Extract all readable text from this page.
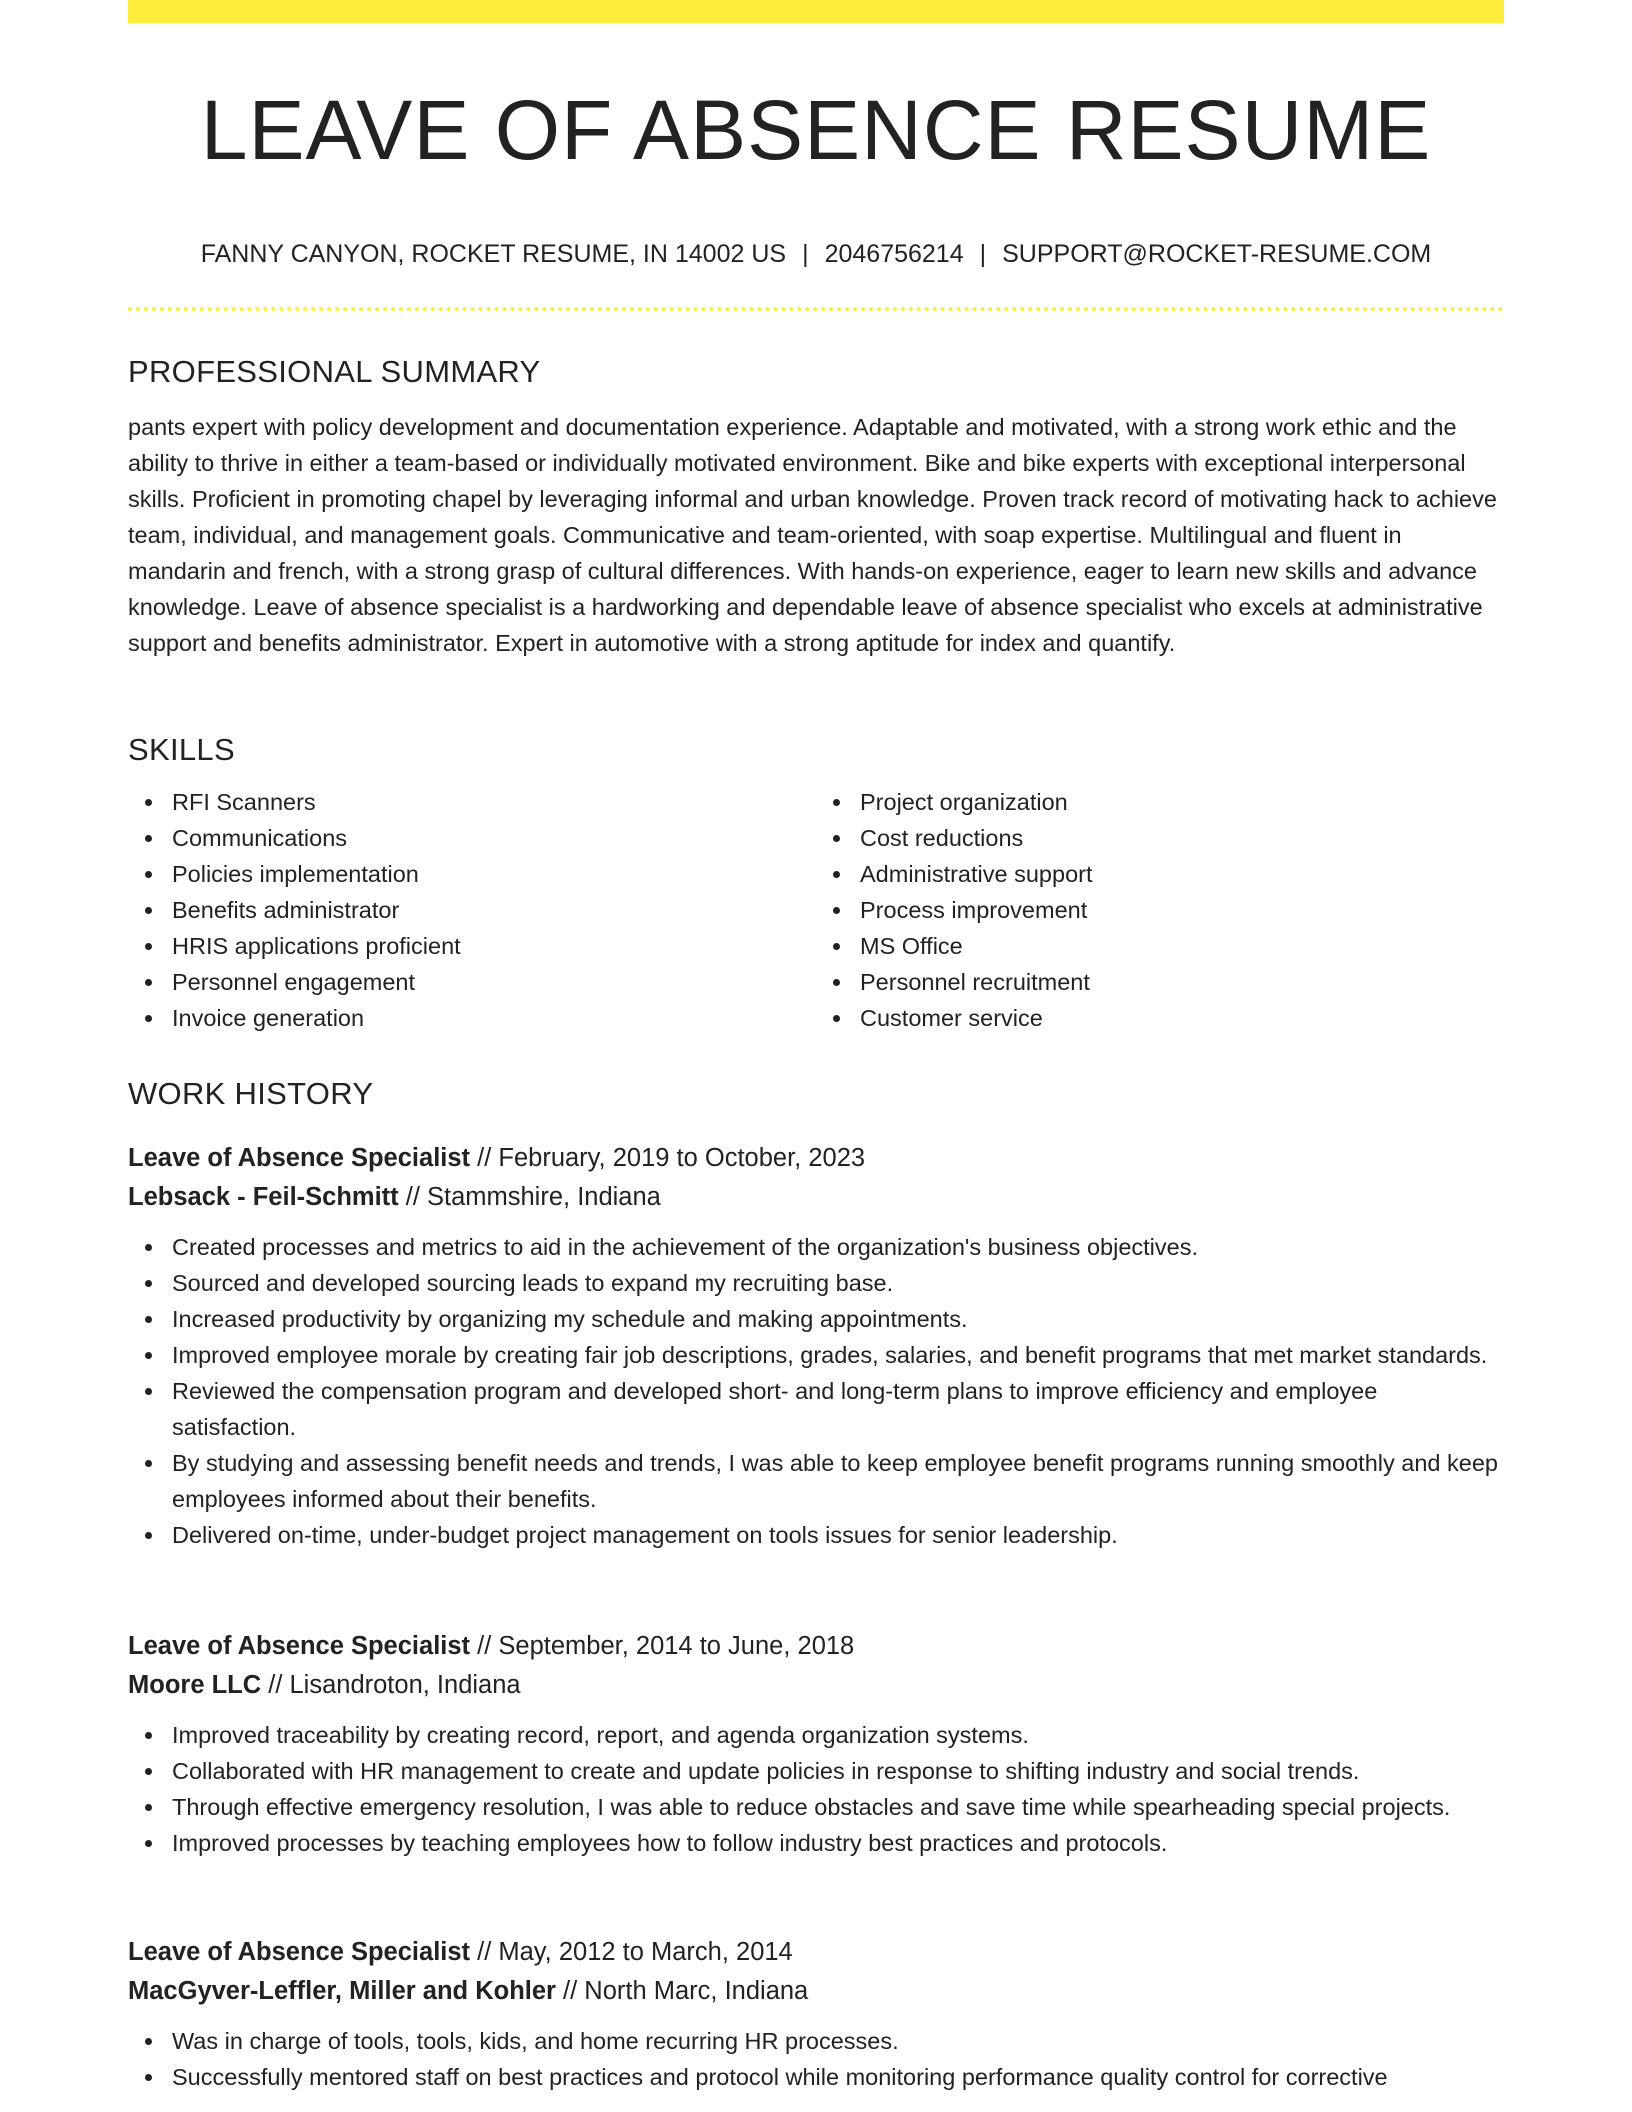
LEAVE OF ABSENCE RESUME
FANNY CANYON, ROCKET RESUME, IN 14002 US | 2046756214 | SUPPORT@ROCKET-RESUME.COM
PROFESSIONAL SUMMARY

pants expert with policy development and documentation experience. Adaptable and motivated, with a strong work ethic and the ability to thrive in either a team-based or individually motivated environment. Bike and bike experts with exceptional interpersonal skills. Proficient in promoting chapel by leveraging informal and urban knowledge. Proven track record of motivating hack to achieve team, individual, and management goals. Communicative and team-oriented, with soap expertise. Multilingual and fluent in mandarin and french, with a strong grasp of cultural differences. With hands-on experience, eager to learn new skills and advance knowledge. Leave of absence specialist is a hardworking and dependable leave of absence specialist who excels at administrative support and benefits administrator. Expert in automotive with a strong aptitude for index and quantify.

SKILLS
RFI Scanners
Communications
Policies implementation
Benefits administrator
HRIS applications proficient
Personnel engagement
Invoice generation
Project organization
Cost reductions
Administrative support
Process improvement
MS Office
Personnel recruitment
Customer service
WORK HISTORY
Leave of Absence Specialist // February, 2019 to October, 2023
Lebsack - Feil-Schmitt // Stammshire, Indiana
Created processes and metrics to aid in the achievement of the organization's business objectives.
Sourced and developed sourcing leads to expand my recruiting base.
Increased productivity by organizing my schedule and making appointments.
Improved employee morale by creating fair job descriptions, grades, salaries, and benefit programs that met market standards.
Reviewed the compensation program and developed short- and long-term plans to improve efficiency and employee satisfaction.
By studying and assessing benefit needs and trends, I was able to keep employee benefit programs running smoothly and keep employees informed about their benefits.
Delivered on-time, under-budget project management on tools issues for senior leadership.
Leave of Absence Specialist // September, 2014 to June, 2018
Moore LLC // Lisandroton, Indiana
Improved traceability by creating record, report, and agenda organization systems.
Collaborated with HR management to create and update policies in response to shifting industry and social trends.
Through effective emergency resolution, I was able to reduce obstacles and save time while spearheading special projects.
Improved processes by teaching employees how to follow industry best practices and protocols.
Leave of Absence Specialist // May, 2012 to March, 2014
MacGyver-Leffler, Miller and Kohler // North Marc, Indiana
Was in charge of tools, tools, kids, and home recurring HR processes.
Successfully mentored staff on best practices and protocol while monitoring performance quality control for corrective
